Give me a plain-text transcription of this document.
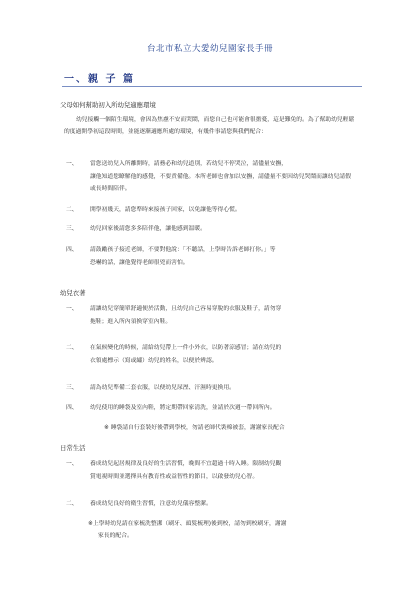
台北市私立大愛幼兒園家長手冊
一、親 子 篇
父母如何幫助初入所幼兒適應環境
幼兒接觸一個陌生環境，會因為焦慮不安而哭鬧，而您自己也可能會很擔憂，這是難免的。為了幫助幼兒輕鬆的度過開學初這段時間，並能逐漸適應所處的環境，有幾件事請您與我們配合：
一、 當您送幼兒入所離開時，請務必和幼兒道別，若幼兒不停哭泣，請儘量安撫，
讓他知道您瞭解他的感覺，不要責備他。本所老師也會加以安撫，請儘量不要因幼兒哭鬧而讓幼兒請假或長時間陪伴。
二、 開學初幾天，請您準時來接孩子回家，以免讓他等得心慌。
三、 幼兒回家後請您多多陪伴他，讓他感到溫暖。
四、 請鼓勵孩子接近老師，不要對他說：「不聽話，上學時告訴老師打你。」等
恐嚇的話，讓他覺得老師很兇而害怕。
幼兒衣著
一、 請讓幼兒穿簡單舒適便於活動，且幼兒自己容易穿脫的衣服及鞋子，請勿穿
拖鞋；進入所內須換穿室內鞋。
二、 在氣候變化的時候，請給幼兒帶上一件小外衣，以防著涼感冒；請在幼兒的
衣領處標示（寫或繡）幼兒的姓名，以便於辨認。
三、 請為幼兒準備二套衣服，以便幼兒尿溼、汗濕時更換用。
四、 幼兒使用的睡袋及室內鞋，將定期帶回家清洗，並請於次週一帶回所內。
※ 睡袋請自行套裝好後帶到學校，勿請老師代裝棉被套，謝謝家長配合
日常生活
一、 養成幼兒起居規律及良好的生活習慣，晚間不宜超過十時入睡。限制幼兒觀
賞電視時間並選擇具有教育性或益智性的節目，以啟發幼兒心智。
二、 養成幼兒良好的衛生習慣，注意幼兒儀容整潔。
※上學時幼兒請在家梳洗整潔（刷牙、頭髮梳理)後到校，請勿到校刷牙，謝謝
家長的配合。
